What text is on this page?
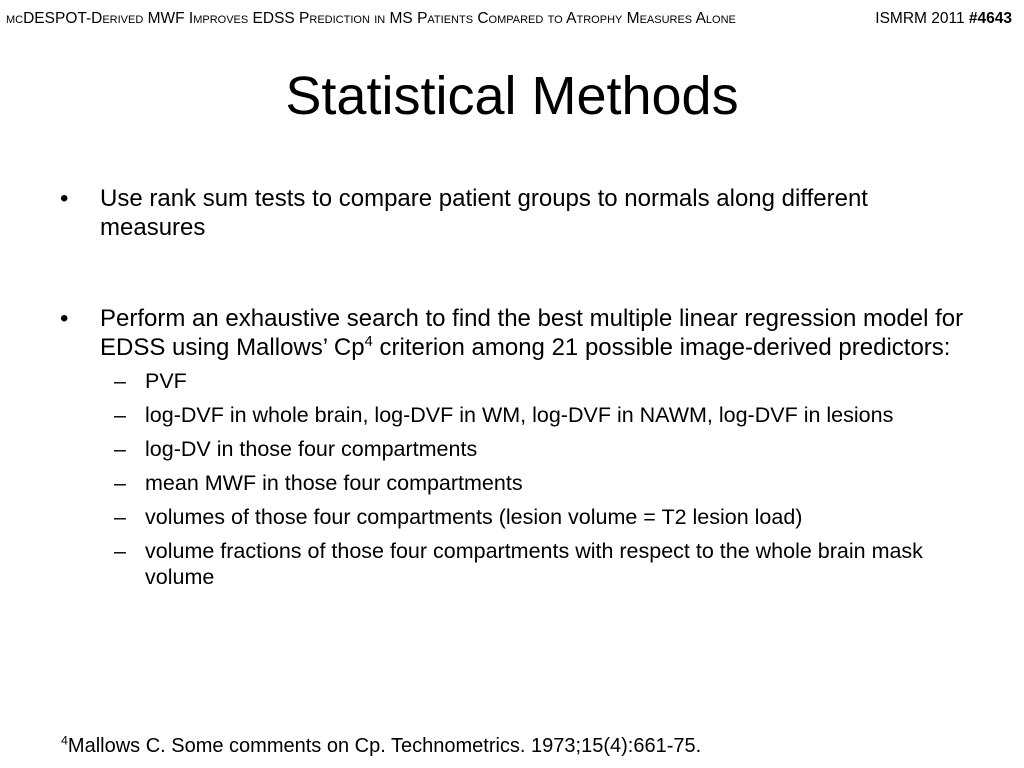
mcDESPOT-Derived MWF Improves EDSS Prediction in MS Patients Compared to Atrophy Measures Alone	ISMRM 2011 #4643
Statistical Methods
• Use rank sum tests to compare patient groups to normals along different measures
• Perform an exhaustive search to find the best multiple linear regression model for EDSS using Mallows’ Cp$^4$ criterion among 21 possible image-derived predictors:
– PVF
– log-DVF in whole brain, log-DVF in WM, log-DVF in NAWM, log-DVF in lesions
– log-DV in those four compartments
– mean MWF in those four compartments
– volumes of those four compartments (lesion volume = T2 lesion load)
– volume fractions of those four compartments with respect to the whole brain mask volume
$^4$Mallows C. Some comments on Cp. Technometrics. 1973;15(4):661-75.
